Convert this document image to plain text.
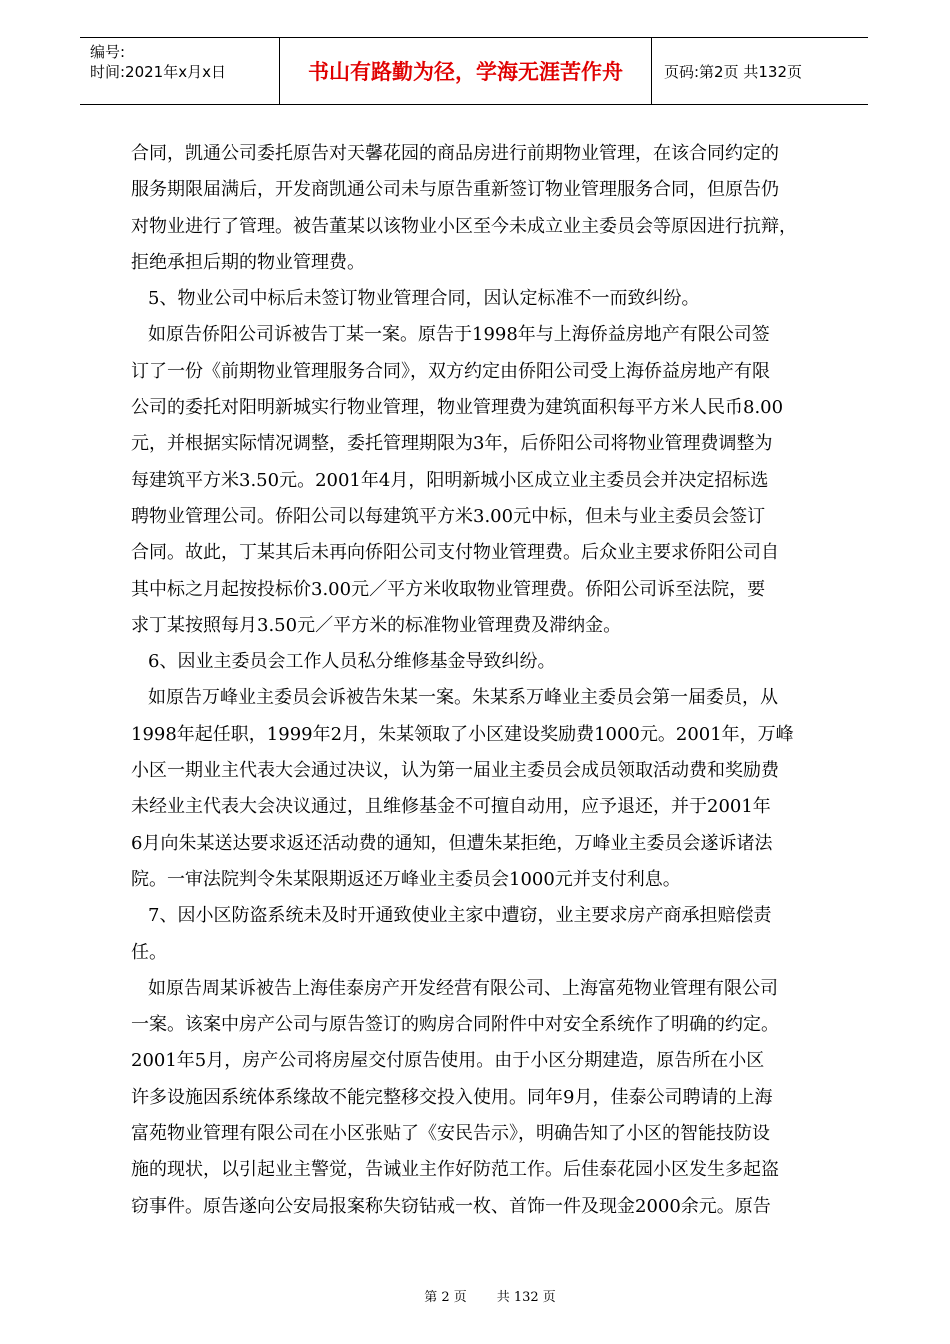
编号:
时间:2021年x月x日	书山有路勤为径，学海无涯苦作舟	页码:第2页 共132页
合同，凯通公司委托原告对天馨花园的商品房进行前期物业管理，在该合同约定的
服务期限届满后，开发商凯通公司未与原告重新签订物业管理服务合同，但原告仍
对物业进行了管理。被告董某以该物业小区至今未成立业主委员会等原因进行抗辩，
拒绝承担后期的物业管理费。
5、物业公司中标后未签订物业管理合同，因认定标准不一而致纠纷。
如原告侨阳公司诉被告丁某一案。原告于1998年与上海侨益房地产有限公司签
订了一份《前期物业管理服务合同》，双方约定由侨阳公司受上海侨益房地产有限
公司的委托对阳明新城实行物业管理，物业管理费为建筑面积每平方米人民币8.00
元，并根据实际情况调整，委托管理期限为3年，后侨阳公司将物业管理费调整为
每建筑平方米3.50元。2001年4月，阳明新城小区成立业主委员会并决定招标选
聘物业管理公司。侨阳公司以每建筑平方米3.00元中标，但未与业主委员会签订
合同。故此，丁某其后未再向侨阳公司支付物业管理费。后众业主要求侨阳公司自
其中标之月起按投标价3.00元／平方米收取物业管理费。侨阳公司诉至法院，要
求丁某按照每月3.50元／平方米的标准物业管理费及滞纳金。
6、因业主委员会工作人员私分维修基金导致纠纷。
如原告万峰业主委员会诉被告朱某一案。朱某系万峰业主委员会第一届委员，从
1998年起任职，1999年2月，朱某领取了小区建设奖励费1000元。2001年，万峰
小区一期业主代表大会通过决议，认为第一届业主委员会成员领取活动费和奖励费
未经业主代表大会决议通过，且维修基金不可擅自动用，应予退还，并于2001年
6月向朱某送达要求返还活动费的通知，但遭朱某拒绝，万峰业主委员会遂诉诸法
院。一审法院判令朱某限期返还万峰业主委员会1000元并支付利息。
7、因小区防盗系统未及时开通致使业主家中遭窃，业主要求房产商承担赔偿责
任。
如原告周某诉被告上海佳泰房产开发经营有限公司、上海富苑物业管理有限公司
一案。该案中房产公司与原告签订的购房合同附件中对安全系统作了明确的约定。
2001年5月，房产公司将房屋交付原告使用。由于小区分期建造，原告所在小区
许多设施因系统体系缘故不能完整移交投入使用。同年9月，佳泰公司聘请的上海
富苑物业管理有限公司在小区张贴了《安民告示》，明确告知了小区的智能技防设
施的现状，以引起业主警觉，告诫业主作好防范工作。后佳泰花园小区发生多起盗
窃事件。原告遂向公安局报案称失窃钻戒一枚、首饰一件及现金2000余元。原告
第 2 页 共 132 页
